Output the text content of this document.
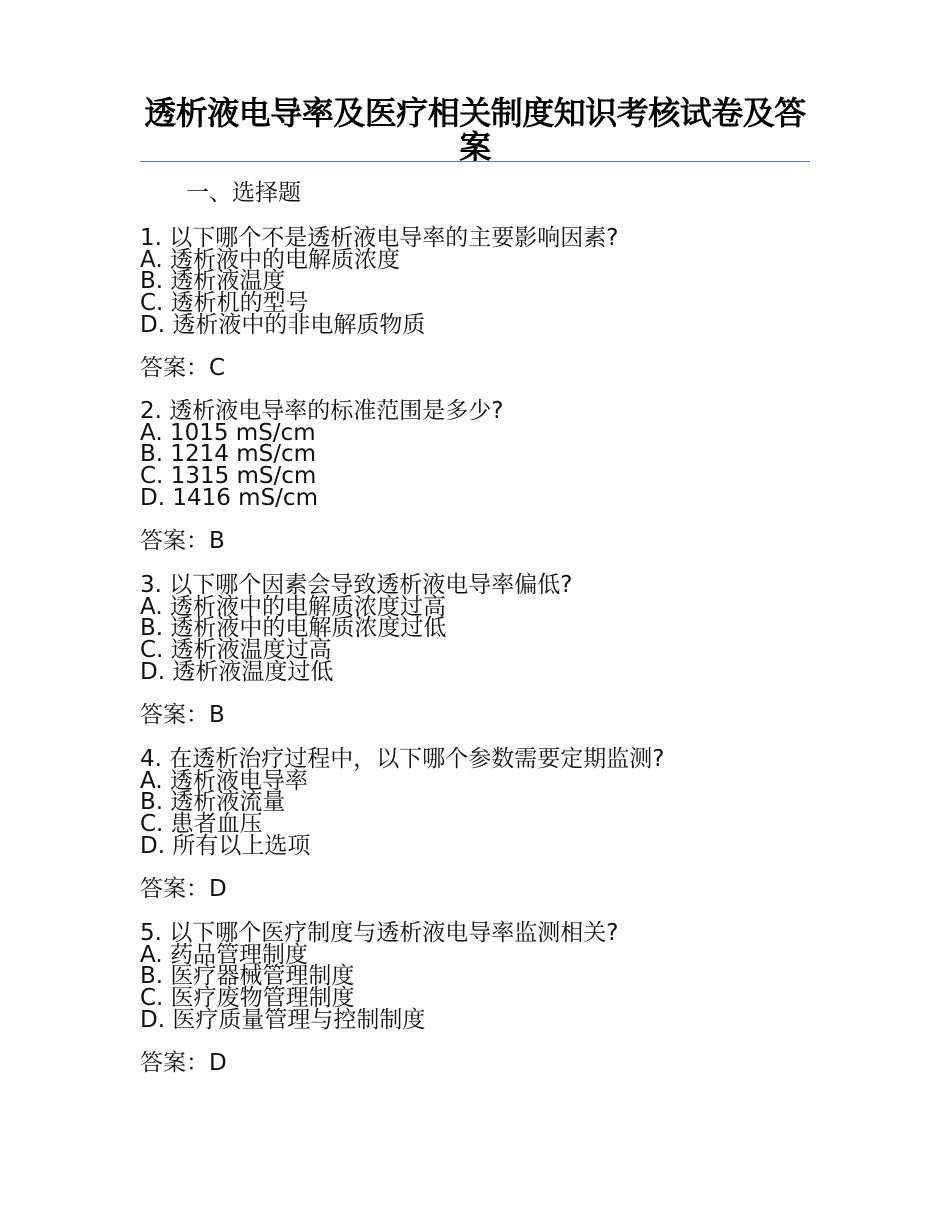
透析液电导率及医疗相关制度知识考核试卷及答案

一、选择题

1. 以下哪个不是透析液电导率的主要影响因素?

A. 透析液中的电解质浓度

B. 透析液温度

C. 透析机的型号

D. 透析液中的非电解质物质

答案：C

2. 透析液电导率的标准范围是多少?

A. 1015 mS/cm

B. 1214 mS/cm

C. 1315 mS/cm

D. 1416 mS/cm

答案：B

3. 以下哪个因素会导致透析液电导率偏低?

A. 透析液中的电解质浓度过高

B. 透析液中的电解质浓度过低

C. 透析液温度过高

D. 透析液温度过低

答案：B

4. 在透析治疗过程中，以下哪个参数需要定期监测?

A. 透析液电导率

B. 透析液流量

C. 患者血压

D. 所有以上选项

答案：D

5. 以下哪个医疗制度与透析液电导率监测相关?

A. 药品管理制度

B. 医疗器械管理制度

C. 医疗废物管理制度

D. 医疗质量管理与控制制度

答案：D
